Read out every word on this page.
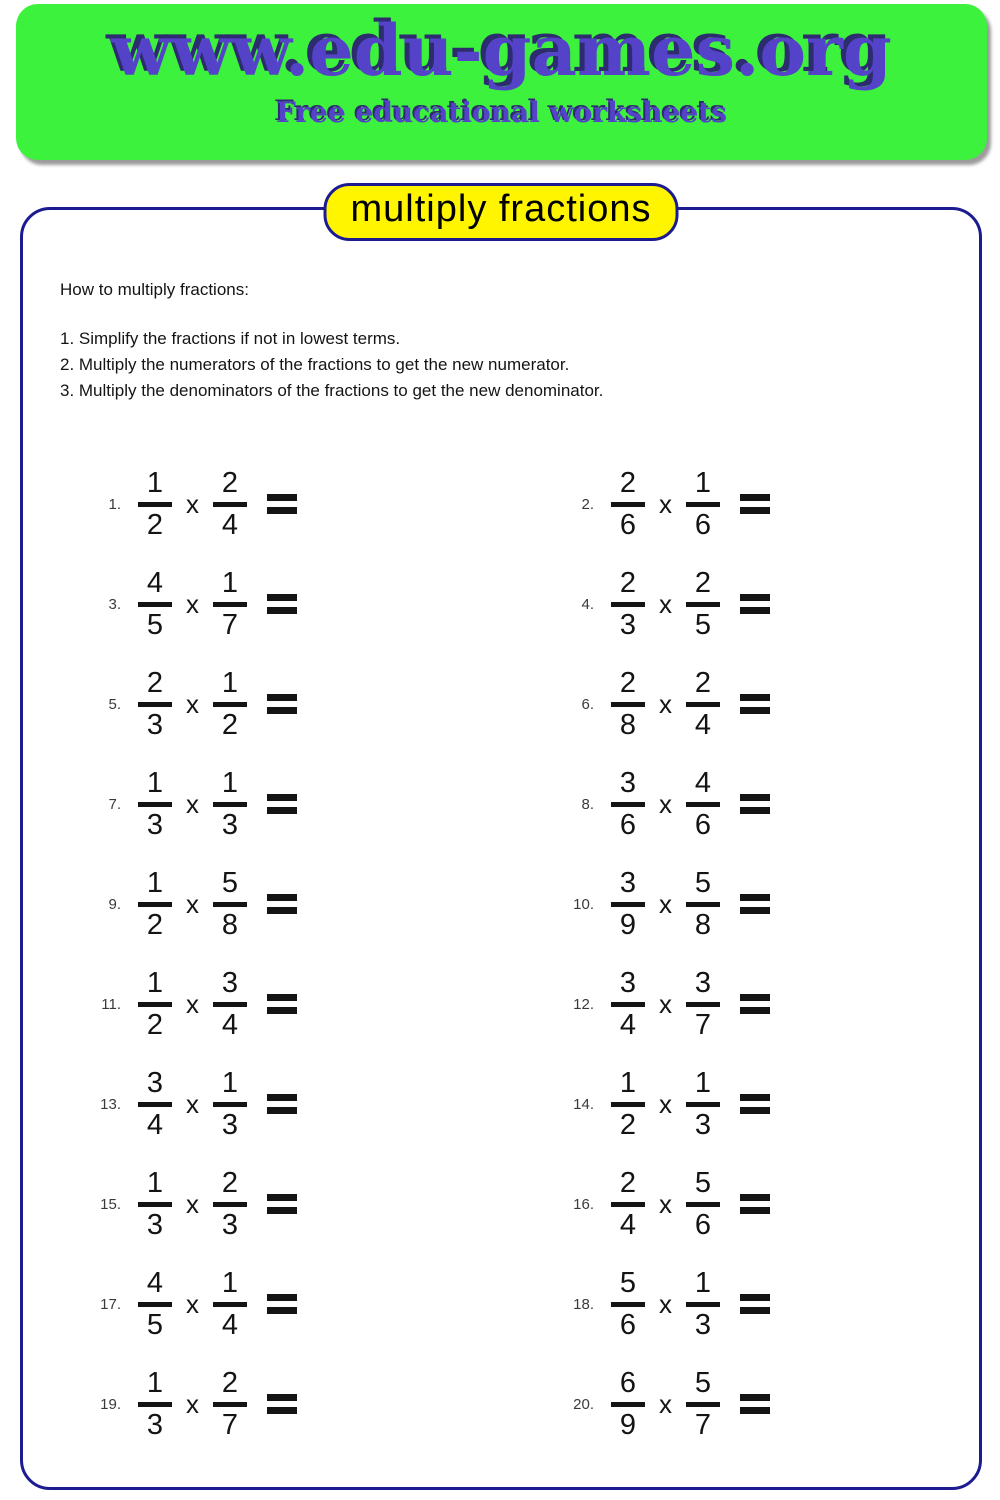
www.edu-games.org
Free educational worksheets
multiply fractions
How to multiply fractions:
1. Simplify the fractions if not in lowest terms.
2. Multiply the numerators of the fractions to get the new numerator.
3. Multiply the denominators of the fractions to get the new denominator.
1.
1
2
x
2
4
2.
2
6
x
1
6
3.
4
5
x
1
7
4.
2
3
x
2
5
5.
2
3
x
1
2
6.
2
8
x
2
4
7.
1
3
x
1
3
8.
3
6
x
4
6
9.
1
2
x
5
8
10.
3
9
x
5
8
11.
1
2
x
3
4
12.
3
4
x
3
7
13.
3
4
x
1
3
14.
1
2
x
1
3
15.
1
3
x
2
3
16.
2
4
x
5
6
17.
4
5
x
1
4
18.
5
6
x
1
3
19.
1
3
x
2
7
20.
6
9
x
5
7
